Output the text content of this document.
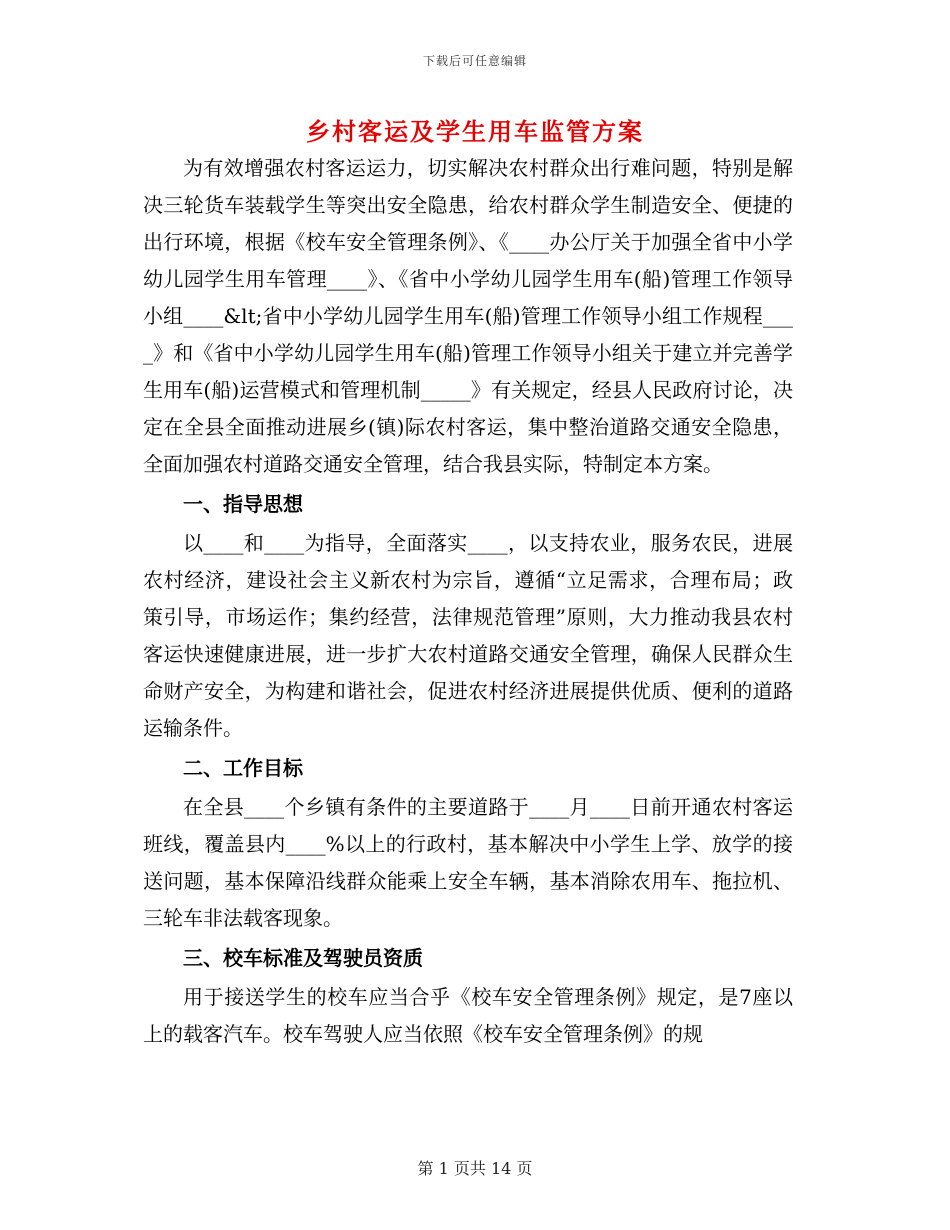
下载后可任意编辑
乡村客运及学生用车监管方案

为有效增强农村客运运力，切实解决农村群众出行难问题，特别是解决三轮货车装载学生等突出安全隐患，给农村群众学生制造安全、便捷的出行环境，根据《校车安全管理条例》、《____办公厅关于加强全省中小学幼儿园学生用车管理____》、《省中小学幼儿园学生用车(船)管理工作领导小组____&lt;省中小学幼儿园学生用车(船)管理工作领导小组工作规程____》和《省中小学幼儿园学生用车(船)管理工作领导小组关于建立并完善学生用车(船)运营模式和管理机制_____》有关规定，经县人民政府讨论，决定在全县全面推动进展乡(镇)际农村客运，集中整治道路交通安全隐患，全面加强农村道路交通安全管理，结合我县实际，特制定本方案。

一、指导思想

以____和____为指导，全面落实____，以支持农业，服务农民，进展农村经济，建设社会主义新农村为宗旨，遵循“立足需求，合理布局；政策引导，市场运作；集约经营，法律规范管理”原则，大力推动我县农村客运快速健康进展，进一步扩大农村道路交通安全管理，确保人民群众生命财产安全，为构建和谐社会，促进农村经济进展提供优质、便利的道路运输条件。

二、工作目标

在全县____个乡镇有条件的主要道路于____月____日前开通农村客运班线，覆盖县内____%以上的行政村，基本解决中小学生上学、放学的接送问题，基本保障沿线群众能乘上安全车辆，基本消除农用车、拖拉机、三轮车非法载客现象。

三、校车标准及驾驶员资质

用于接送学生的校车应当合乎《校车安全管理条例》规定，是7座以上的载客汽车。校车驾驶人应当依照《校车安全管理条例》的规

第 1 页共 14 页
